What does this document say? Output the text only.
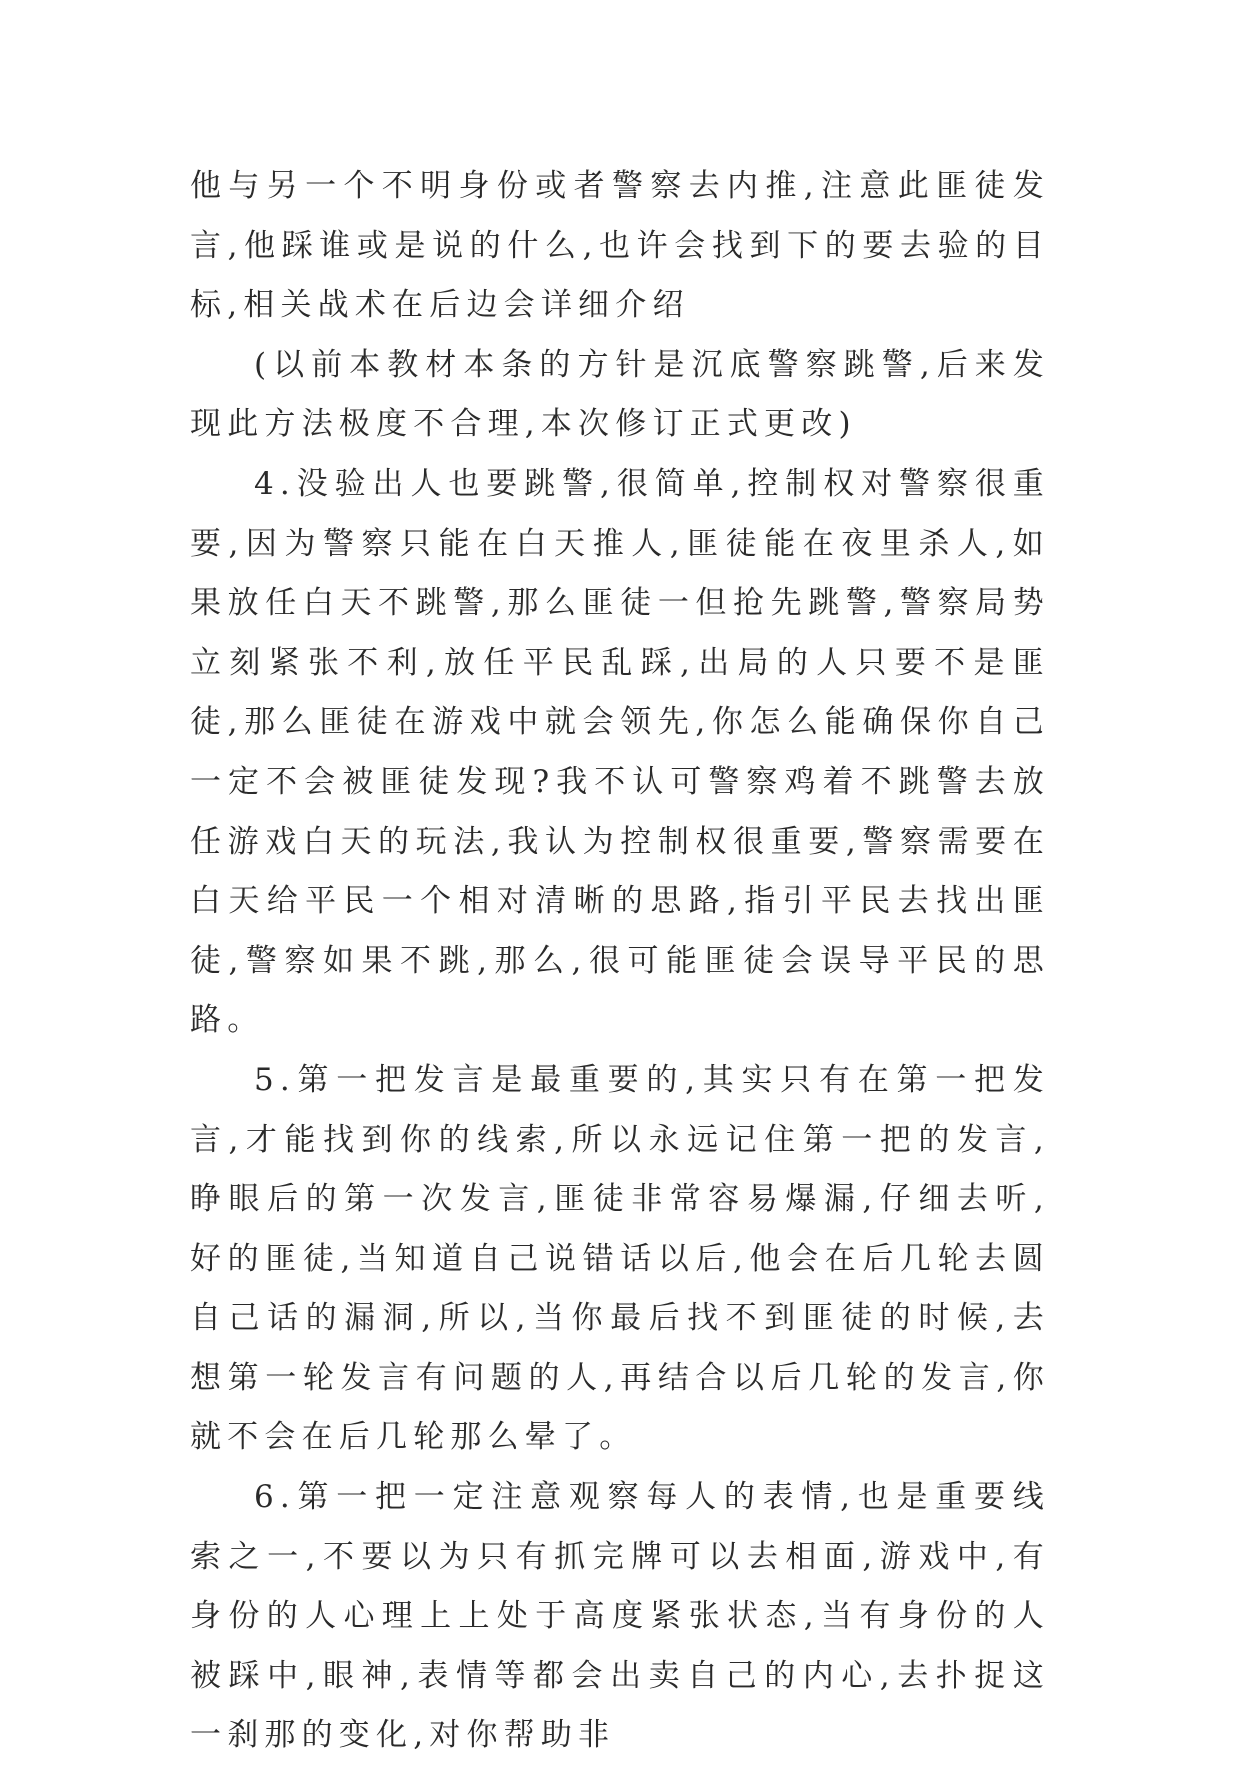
他与另一个不明身份或者警察去内推,注意此匪徒发言,他踩谁或是说的什么,也许会找到下的要去验的目标,相关战术在后边会详细介绍

(以前本教材本条的方针是沉底警察跳警,后来发现此方法极度不合理,本次修订正式更改)

4.没验出人也要跳警,很简单,控制权对警察很重要,因为警察只能在白天推人,匪徒能在夜里杀人,如果放任白天不跳警,那么匪徒一但抢先跳警,警察局势立刻紧张不利,放任平民乱踩,出局的人只要不是匪徒,那么匪徒在游戏中就会领先,你怎么能确保你自己一定不会被匪徒发现?我不认可警察鸡着不跳警去放任游戏白天的玩法,我认为控制权很重要,警察需要在白天给平民一个相对清晰的思路,指引平民去找出匪徒,警察如果不跳,那么,很可能匪徒会误导平民的思路。

5.第一把发言是最重要的,其实只有在第一把发言,才能找到你的线索,所以永远记住第一把的发言,睁眼后的第一次发言,匪徒非常容易爆漏,仔细去听,好的匪徒,当知道自己说错话以后,他会在后几轮去圆自己话的漏洞,所以,当你最后找不到匪徒的时候,去想第一轮发言有问题的人,再结合以后几轮的发言,你就不会在后几轮那么晕了。

6.第一把一定注意观察每人的表情,也是重要线索之一,不要以为只有抓完牌可以去相面,游戏中,有身份的人心理上上处于高度紧张状态,当有身份的人被踩中,眼神,表情等都会出卖自己的内心,去扑捉这一刹那的变化,对你帮助非
